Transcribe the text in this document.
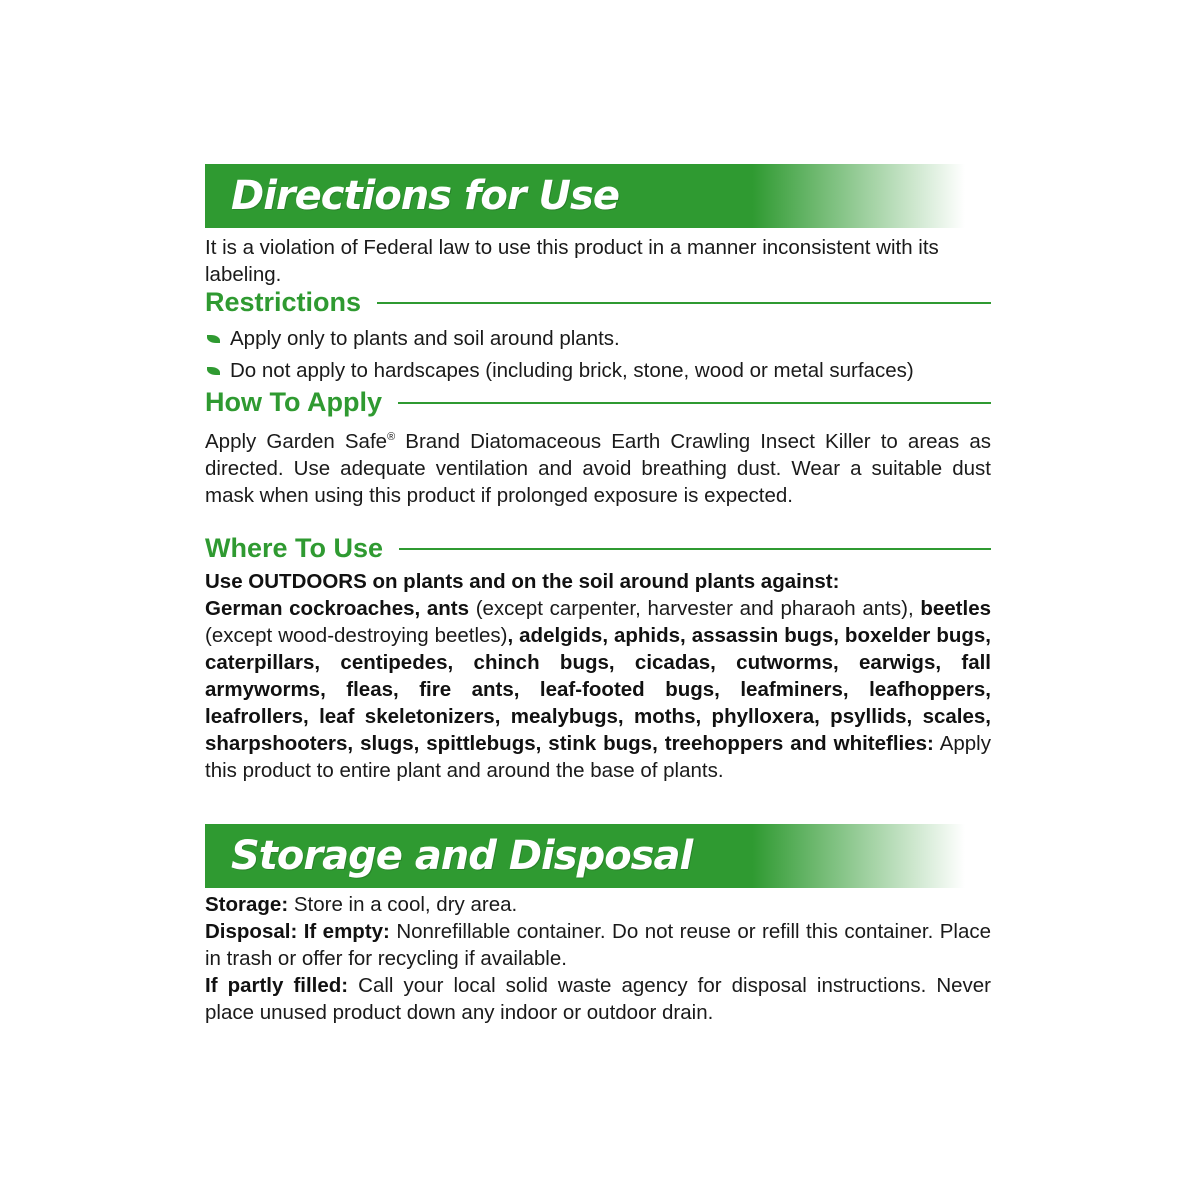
Directions for Use
It is a violation of Federal law to use this product in a manner inconsistent with its labeling.
Restrictions
Apply only to plants and soil around plants.
Do not apply to hardscapes (including brick, stone, wood or metal surfaces)
How To Apply
Apply Garden Safe® Brand Diatomaceous Earth Crawling Insect Killer to areas as directed. Use adequate ventilation and avoid breathing dust. Wear a suitable dust mask when using this product if prolonged exposure is expected.
Where To Use
Use OUTDOORS on plants and on the soil around plants against:
German cockroaches, ants (except carpenter, harvester and pharaoh ants), beetles (except wood-destroying beetles), adelgids, aphids, assassin bugs, boxelder bugs, caterpillars, centipedes, chinch bugs, cicadas, cutworms, earwigs, fall armyworms, fleas, fire ants, leaf-footed bugs, leafminers, leafhoppers, leafrollers, leaf skeletonizers, mealybugs, moths, phylloxera, psyllids, scales, sharpshooters, slugs, spittlebugs, stink bugs, treehoppers and whiteflies: Apply this product to entire plant and around the base of plants.
Storage and Disposal
Storage: Store in a cool, dry area.
Disposal: If empty: Nonrefillable container. Do not reuse or refill this container. Place in trash or offer for recycling if available.
If partly filled: Call your local solid waste agency for disposal instructions. Never place unused product down any indoor or outdoor drain.
